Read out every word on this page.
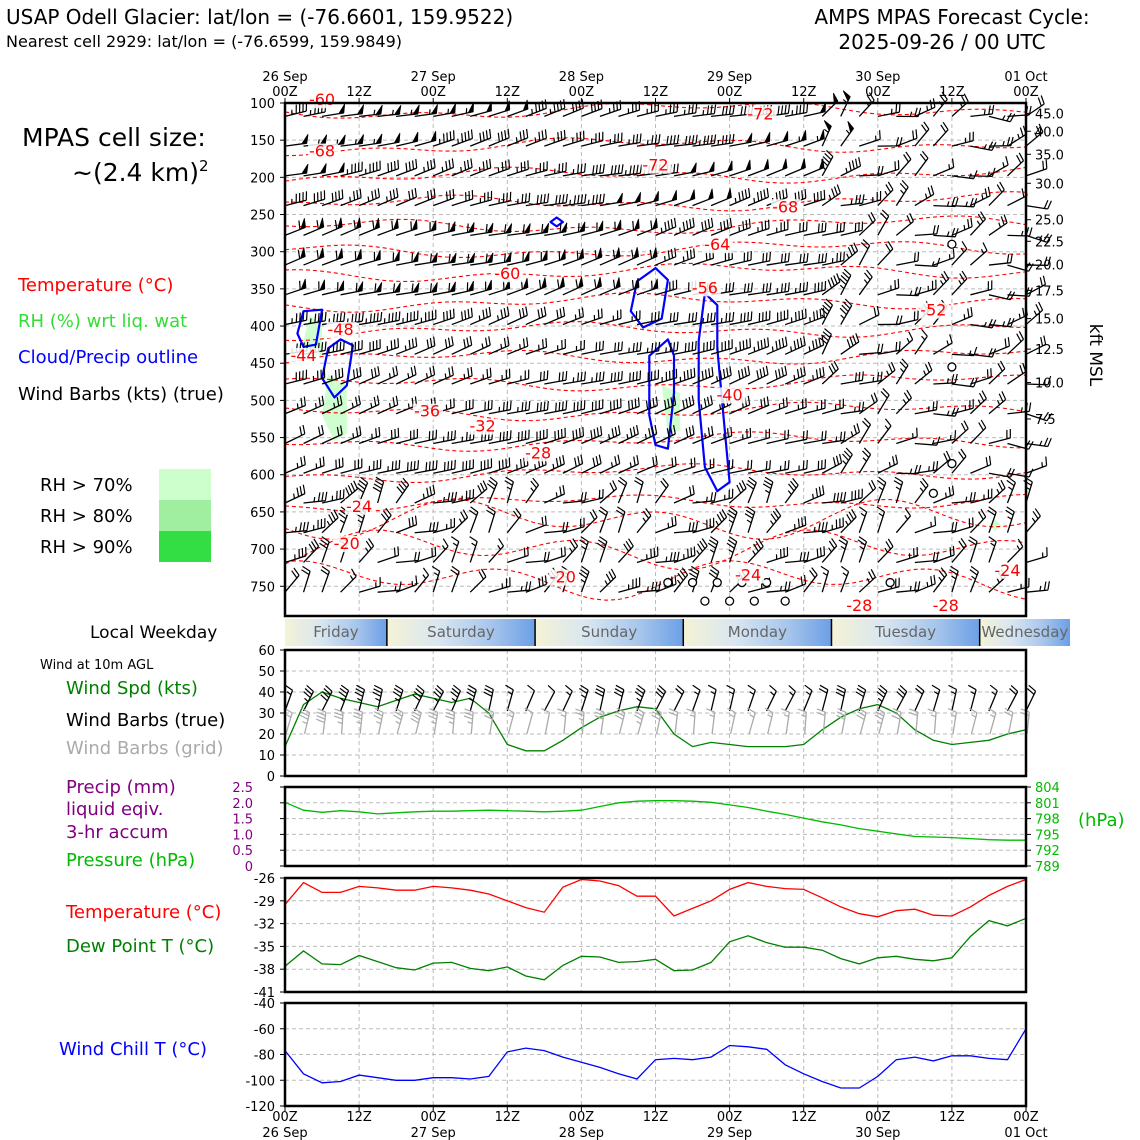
USAP Odell Glacier: lat/lon = (-76.6601, 159.9522)
Nearest cell 2929: lat/lon = (-76.6599, 159.9849)
AMPS MPAS Forecast Cycle:
2025-09-26 / 00 UTC
MPAS cell size:
~(2.4 km)$^2$
Temperature (°C)
RH (%) wrt liq. wat
Cloud/Precip outline
Wind Barbs (kts) (true)
RH > 70%
RH > 80%
RH > 90%
Local Weekday
Wind at 10m AGL
Wind Spd (kts)
Wind Barbs (true)
Wind Barbs (grid)
Precip (mm)
liquid eqiv.
3-hr accum
Pressure (hPa)
Temperature (°C)
Dew Point T (°C)
Wind Chill T (°C)
-60
-68
-72
-72
-68
-64
-60
-56
-52
-48
-44
-40
-36
-32
-28
-24
-20
-20	-24	-24
-28	-28
26 Sep
00Z	12Z
27 Sep
00Z	12Z
28 Sep
00Z	12Z
29 Sep
00Z	12Z
30 Sep
00Z	12Z
01 Oct
00Z
100
150
200
250
300
350
400
450
500
550
600
650
700
750
45.0
40.0
35.0
30.0
25.0
22.5
20.0
17.5
15.0
12.5
10.0
7.5
kft MSL
Friday	Saturday	Sunday	Monday	Tuesday	Wednesday
0
10
20
30
40
50
60
2.5
2.0
1.5
1.0
0.5
0
804
801
798
795
792
789
(hPa)
-26
-29
-32
-35
-38
-41
-40
-60
-80
-100
-120
00Z
26 Sep
12Z	00Z
27 Sep
12Z	00Z
28 Sep
12Z	00Z
29 Sep
12Z	00Z
30 Sep
12Z	00Z
01 Oct
